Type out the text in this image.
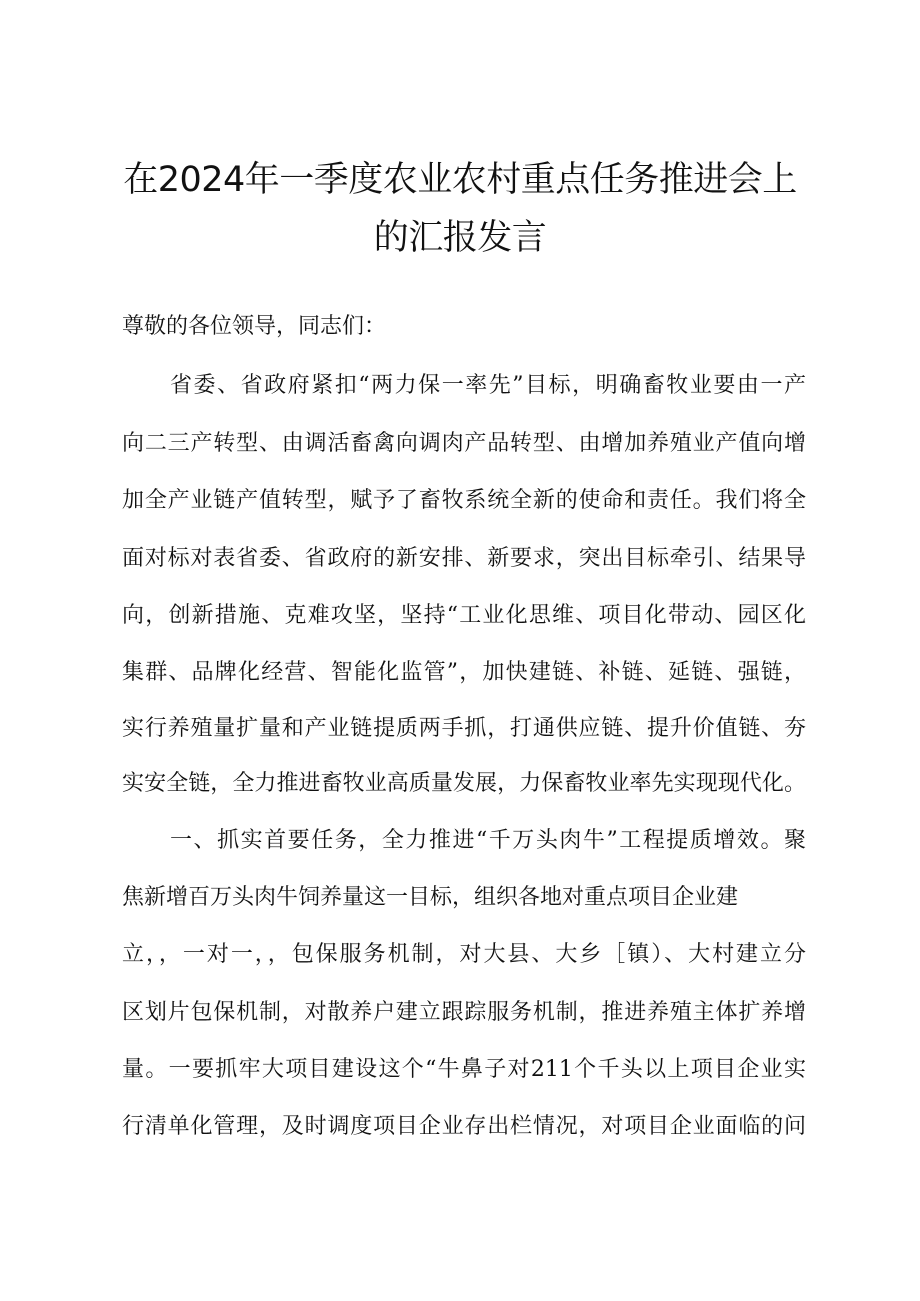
在2024年一季度农业农村重点任务推进会上
的汇报发言

尊敬的各位领导，同志们：

省委、省政府紧扣“两力保一率先”目标，明确畜牧业要由一产

向二三产转型、由调活畜禽向调肉产品转型、由增加养殖业产值向增

加全产业链产值转型，赋予了畜牧系统全新的使命和责任。我们将全

面对标对表省委、省政府的新安排、新要求，突出目标牵引、结果导

向，创新措施、克难攻坚，坚持“工业化思维、项目化带动、园区化

集群、品牌化经营、智能化监管”，加快建链、补链、延链、强链，

实行养殖量扩量和产业链提质两手抓，打通供应链、提升价值链、夯

实安全链，全力推进畜牧业高质量发展，力保畜牧业率先实现现代化。

一、抓实首要任务，全力推进“千万头肉牛”工程提质增效。聚

焦新增百万头肉牛饲养量这一目标，组织各地对重点项目企业建

立，，一对一，，包保服务机制，对大县、大乡［镇）、大村建立分

区划片包保机制，对散养户建立跟踪服务机制，推进养殖主体扩养增

量。一要抓牢大项目建设这个“牛鼻子对211个千头以上项目企业实

行清单化管理，及时调度项目企业存出栏情况，对项目企业面临的问
